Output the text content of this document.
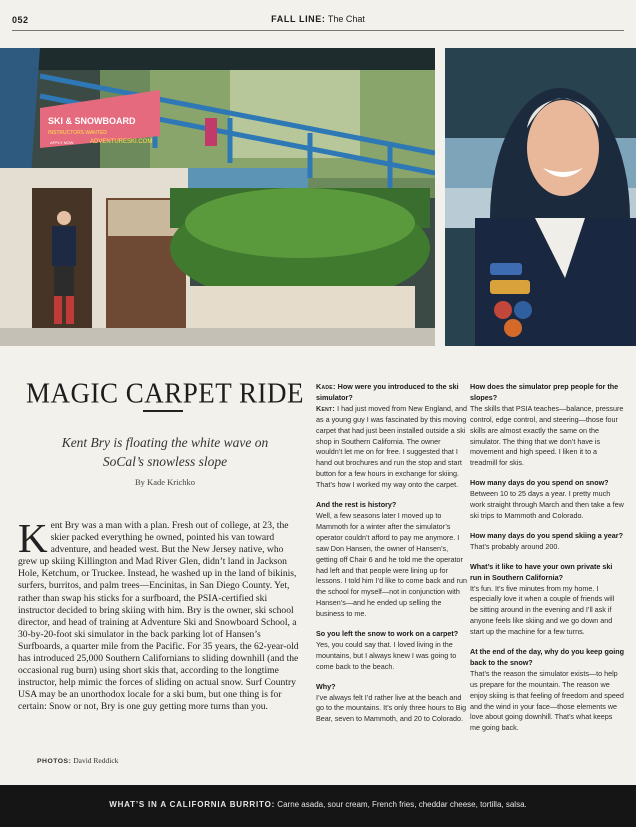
052	FALL LINE: The Chat
SKI & SNOWBOARD
INSTRUCTORS WANTED
ADVENTURESKI.COM
APPLY NOW
MAGIC CARPET RIDE
Kent Bry is floating the white wave on SoCal’s snowless slope
By Kade Krichko
Kent Bry was a man with a plan. Fresh out of college, at 23, the skier packed everything he owned, pointed his van toward adventure, and headed west. But the New Jersey native, who grew up skiing Killington and Mad River Glen, didn’t land in Jackson Hole, Ketchum, or Truckee. Instead, he washed up in the land of bikinis, surfers, burritos, and palm trees—Encinitas, in San Diego County. Yet, rather than swap his sticks for a surfboard, the PSIA-certified ski instructor decided to bring skiing with him. Bry is the owner, ski school director, and head of training at Adventure Ski and Snowboard School, a 30-by-20-foot ski simulator in the back parking lot of Hansen’s Surfboards, a quarter mile from the Pacific. For 35 years, the 62-year-old has introduced 25,000 Southern Californians to sliding downhill (and the occasional rug burn) using short skis that, according to the longtime instructor, help mimic the forces of sliding on actual snow. Surf Country USA may be an unorthodox locale for a ski bum, but one thing is for certain: Snow or not, Bry is one guy getting more turns than you.
PHOTOS: David Reddick

Kade: How were you introduced to the ski simulator?

Kent: I had just moved from New England, and as a young guy I was fascinated by this moving carpet that had just been installed outside a ski shop in Southern California. The owner wouldn’t let me on for free. I suggested that I hand out brochures and run the stop and start button for a few hours in exchange for skiing. That’s how I worked my way onto the carpet.

And the rest is history?

Well, a few seasons later I moved up to Mammoth for a winter after the simulator’s operator couldn’t afford to pay me anymore. I saw Don Hansen, the owner of Hansen’s, getting off Chair 6 and he told me the operator had left and that people were lining up for lessons. I told him I’d like to come back and run the school for myself—not in conjunction with Hansen’s—and he ended up selling the business to me.

So you left the snow to work on a carpet?

Yes, you could say that. I loved living in the mountains, but I always knew I was going to come back to the beach.

Why?

I’ve always felt I’d rather live at the beach and go to the mountains. It’s only three hours to Big Bear, seven to Mammoth, and 20 to Colorado.

How does the simulator prep people for the slopes?

The skills that PSIA teaches—balance, pressure control, edge control, and steering—those four skills are almost exactly the same on the simulator. The thing that we don’t have is movement and high speed. I liken it to a treadmill for skis.

How many days do you spend on snow?

Between 10 to 25 days a year. I pretty much work straight through March and then take a few ski trips to Mammoth and Colorado.

How many days do you spend skiing a year?

That’s probably around 200.

What’s it like to have your own private ski run in Southern California?

It’s fun. It’s five minutes from my home. I especially love it when a couple of friends will be sitting around in the evening and I’ll ask if anyone feels like skiing and we go down and start up the machine for a few turns.

At the end of the day, why do you keep going back to the snow?

That’s the reason the simulator exists—to help us prepare for the mountain. The reason we enjoy skiing is that feeling of freedom and speed and the wind in your face—those elements we love about going downhill. That’s what keeps me going back.

WHAT’S IN A CALIFORNIA BURRITO: Carne asada, sour cream, French fries, cheddar cheese, tortilla, salsa.
